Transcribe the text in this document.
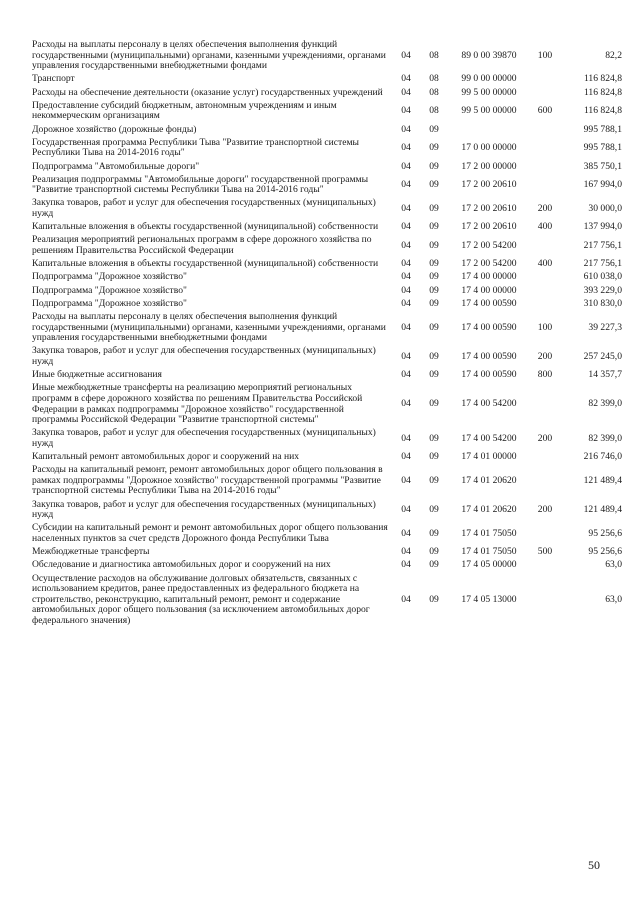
Расходы на выплаты персоналу в целях обеспечения выполнения функций государственными (муниципальными) органами, казенными учреждениями, органами управления государственными внебюджетными фондами	04	08	89 0 00 39870	100	82,2
Транспорт	04	08	99 0 00 00000		116 824,8
Расходы на обеспечение деятельности (оказание услуг) государственных учреждений	04	08	99 5 00 00000		116 824,8
Предоставление субсидий бюджетным, автономным учреждениям и иным некоммерческим организациям	04	08	99 5 00 00000	600	116 824,8
Дорожное хозяйство (дорожные фонды)	04	09			995 788,1
Государственная программа Республики Тыва "Развитие транспортной системы Республики Тыва на 2014-2016 годы"	04	09	17 0 00 00000		995 788,1
Подпрограмма "Автомобильные дороги"	04	09	17 2 00 00000		385 750,1
Реализация подпрограммы "Автомобильные дороги" государственной программы "Развитие транспортной системы Республики Тыва на 2014-2016 годы"	04	09	17 2 00 20610		167 994,0
Закупка товаров, работ и услуг для обеспечения государственных (муниципальных) нужд	04	09	17 2 00 20610	200	30 000,0
Капитальные вложения в объекты государственной (муниципальной) собственности	04	09	17 2 00 20610	400	137 994,0
Реализация мероприятий региональных программ в сфере дорожного хозяйства по решениям Правительства Российской Федерации	04	09	17 2 00 54200		217 756,1
Капитальные вложения в объекты государственной (муниципальной) собственности	04	09	17 2 00 54200	400	217 756,1
Подпрограмма "Дорожное хозяйство"	04	09	17 4 00 00000		610 038,0
Подпрограмма "Дорожное хозяйство"	04	09	17 4 00 00000		393 229,0
Подпрограмма "Дорожное хозяйство"	04	09	17 4 00 00590		310 830,0
Расходы на выплаты персоналу в целях обеспечения выполнения функций государственными (муниципальными) органами, казенными учреждениями, органами управления государственными внебюджетными фондами	04	09	17 4 00 00590	100	39 227,3
Закупка товаров, работ и услуг для обеспечения государственных (муниципальных) нужд	04	09	17 4 00 00590	200	257 245,0
Иные бюджетные ассигнования	04	09	17 4 00 00590	800	14 357,7
Иные межбюджетные трансферты на реализацию мероприятий региональных программ в сфере дорожного хозяйства по решениям Правительства Российской Федерации в рамках подпрограммы "Дорожное хозяйство" государственной программы Российской Федерации "Развитие транспортной системы"	04	09	17 4 00 54200		82 399,0
Закупка товаров, работ и услуг для обеспечения государственных (муниципальных) нужд	04	09	17 4 00 54200	200	82 399,0
Капитальный ремонт автомобильных дорог и сооружений на них	04	09	17 4 01 00000		216 746,0
Расходы на капитальный ремонт, ремонт автомобильных дорог общего пользования в рамках подпрограммы "Дорожное хозяйство" государственной программы "Развитие транспортной системы Республики Тыва на 2014-2016 годы"	04	09	17 4 01 20620		121 489,4
Закупка товаров, работ и услуг для обеспечения государственных (муниципальных) нужд	04	09	17 4 01 20620	200	121 489,4
Субсидии на капитальный ремонт и ремонт автомобильных дорог общего пользования населенных пунктов за счет средств Дорожного фонда Республики Тыва	04	09	17 4 01 75050		95 256,6
Межбюджетные трансферты	04	09	17 4 01 75050	500	95 256,6
Обследование и диагностика автомобильных дорог и сооружений на них	04	09	17 4 05 00000		63,0
Осуществление расходов на обслуживание долговых обязательств, связанных с использованием кредитов, ранее предоставленных из федерального бюджета на строительство, реконструкцию, капитальный ремонт, ремонт и содержание автомобильных дорог общего пользования (за исключением автомобильных дорог федерального значения)	04	09	17 4 05 13000		63,0
50
